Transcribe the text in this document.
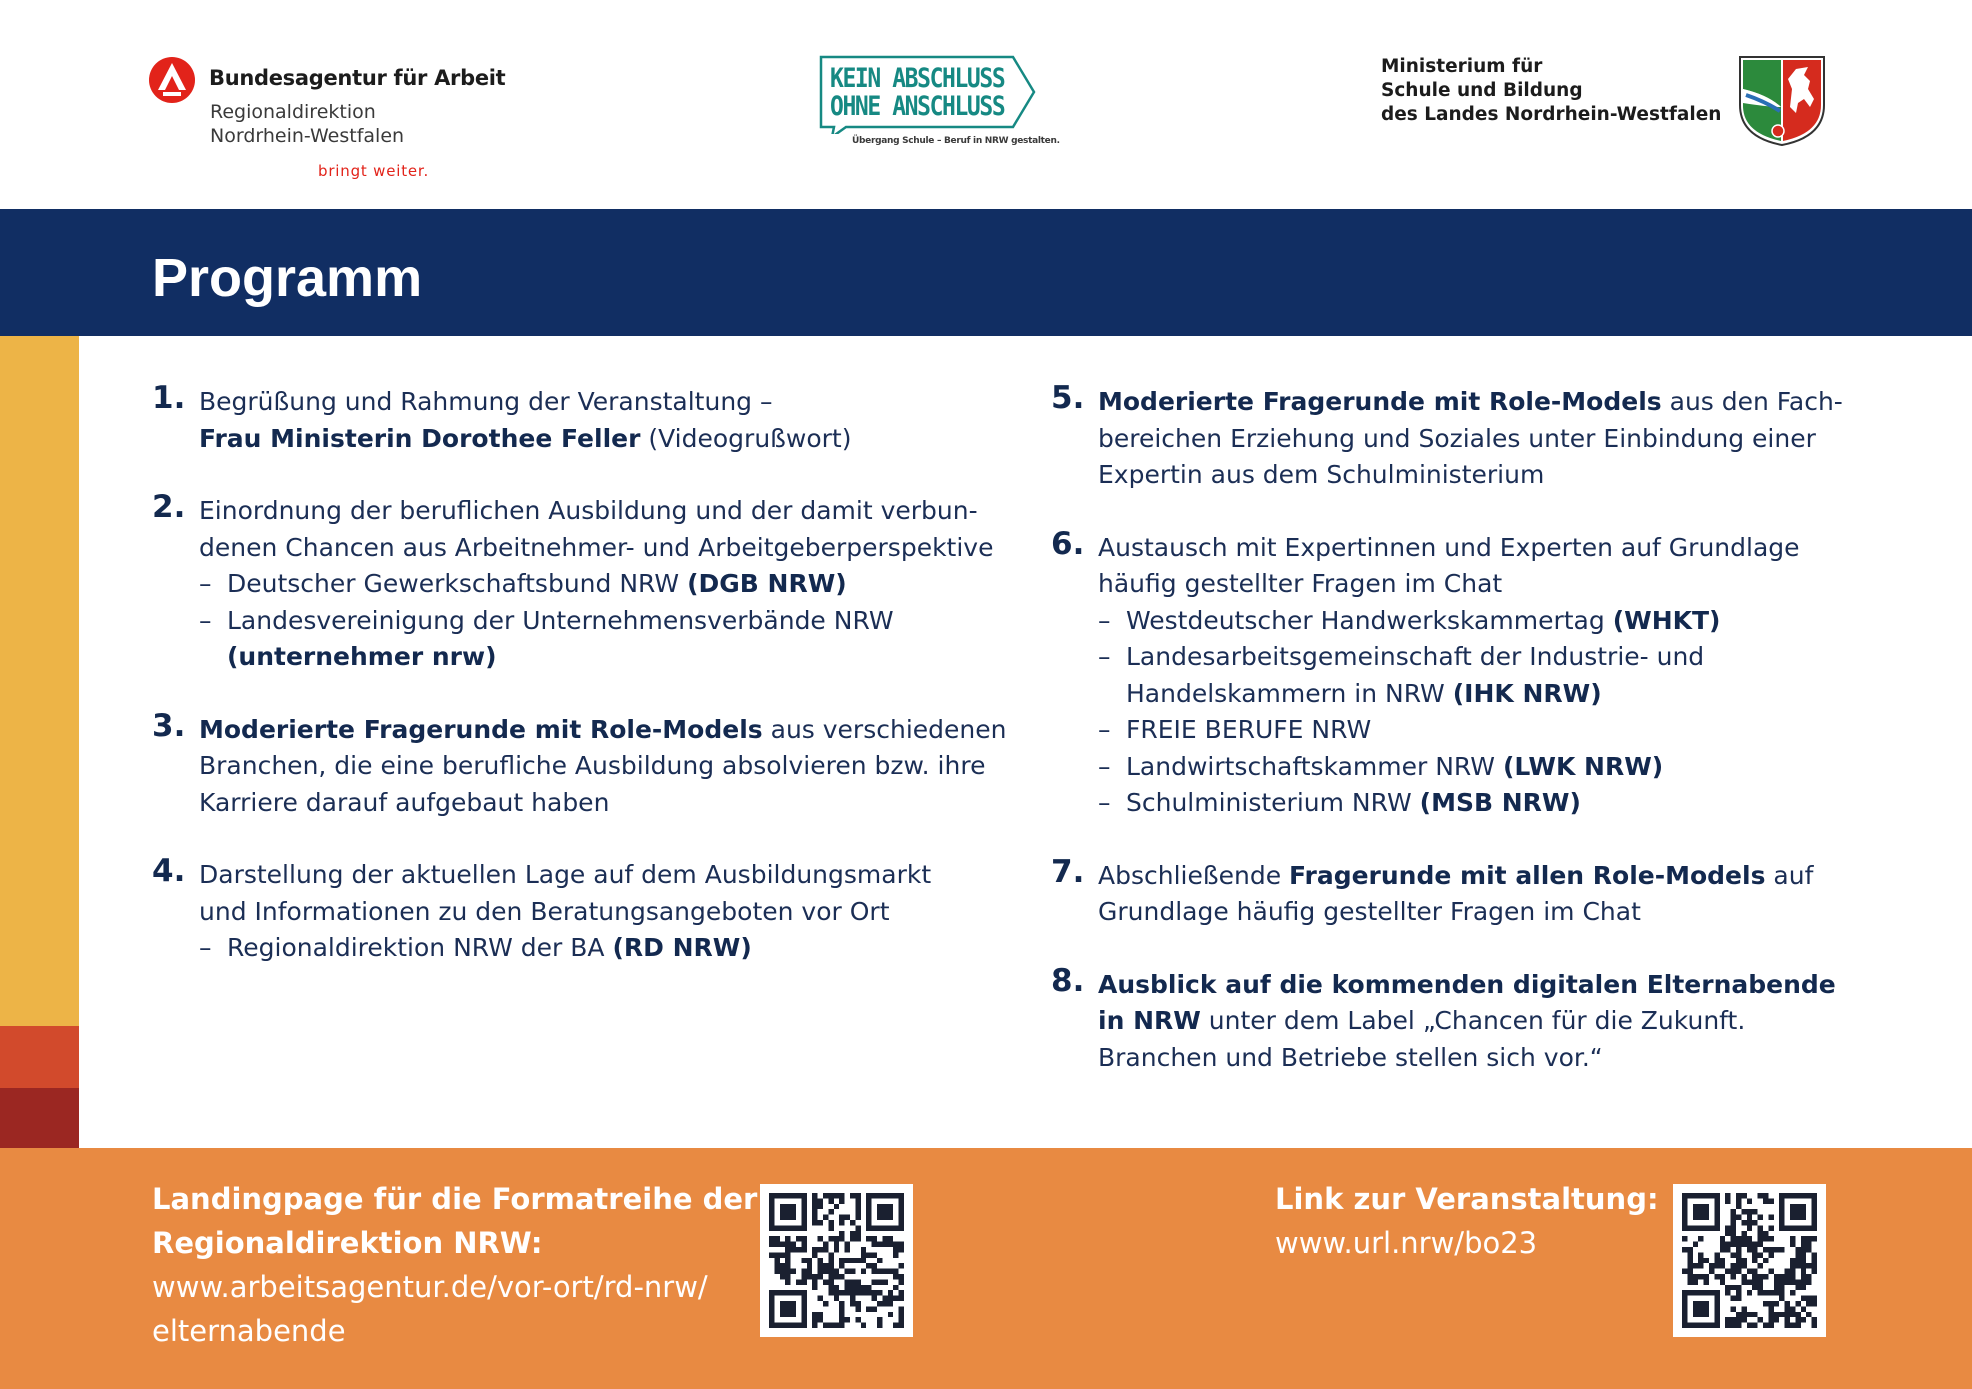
Bundesagentur für Arbeit
Regionaldirektion
Nordrhein-Westfalen
bringt weiter.
KEIN ABSCHLUSS
OHNE ANSCHLUSS
Übergang Schule – Beruf in NRW gestalten.
Ministerium für
Schule und Bildung
des Landes Nordrhein-Westfalen
Programm
1. Begrüßung und Rahmung der Veranstaltung –
Frau Ministerin Dorothee Feller (Videogrußwort)
2. Einordnung der beruflichen Ausbildung und der damit verbun-
denen Chancen aus Arbeitnehmer- und Arbeitgeberperspektive
– Deutscher Gewerkschaftsbund NRW (DGB NRW)
– Landesvereinigung der Unternehmensverbände NRW
(unternehmer nrw)
3. Moderierte Fragerunde mit Role-Models aus verschiedenen
Branchen, die eine berufliche Ausbildung absolvieren bzw. ihre
Karriere darauf aufgebaut haben
4. Darstellung der aktuellen Lage auf dem Ausbildungsmarkt
und Informationen zu den Beratungsangeboten vor Ort
– Regionaldirektion NRW der BA (RD NRW)
5. Moderierte Fragerunde mit Role-Models aus den Fach-
bereichen Erziehung und Soziales unter Einbindung einer
Expertin aus dem Schulministerium
6. Austausch mit Expertinnen und Experten auf Grundlage
häufig gestellter Fragen im Chat
– Westdeutscher Handwerkskammertag (WHKT)
– Landesarbeitsgemeinschaft der Industrie- und
Handelskammern in NRW (IHK NRW)
– FREIE BERUFE NRW
– Landwirtschaftskammer NRW (LWK NRW)
– Schulministerium NRW (MSB NRW)
7. Abschließende Fragerunde mit allen Role-Models auf
Grundlage häufig gestellter Fragen im Chat
8. Ausblick auf die kommenden digitalen Elternabende
in NRW unter dem Label „Chancen für die Zukunft.
Branchen und Betriebe stellen sich vor.“
Landingpage für die Formatreihe der
Regionaldirektion NRW:
www.arbeitsagentur.de/vor-ort/rd-nrw/
elternabende
Link zur Veranstaltung:
www.url.nrw/bo23
